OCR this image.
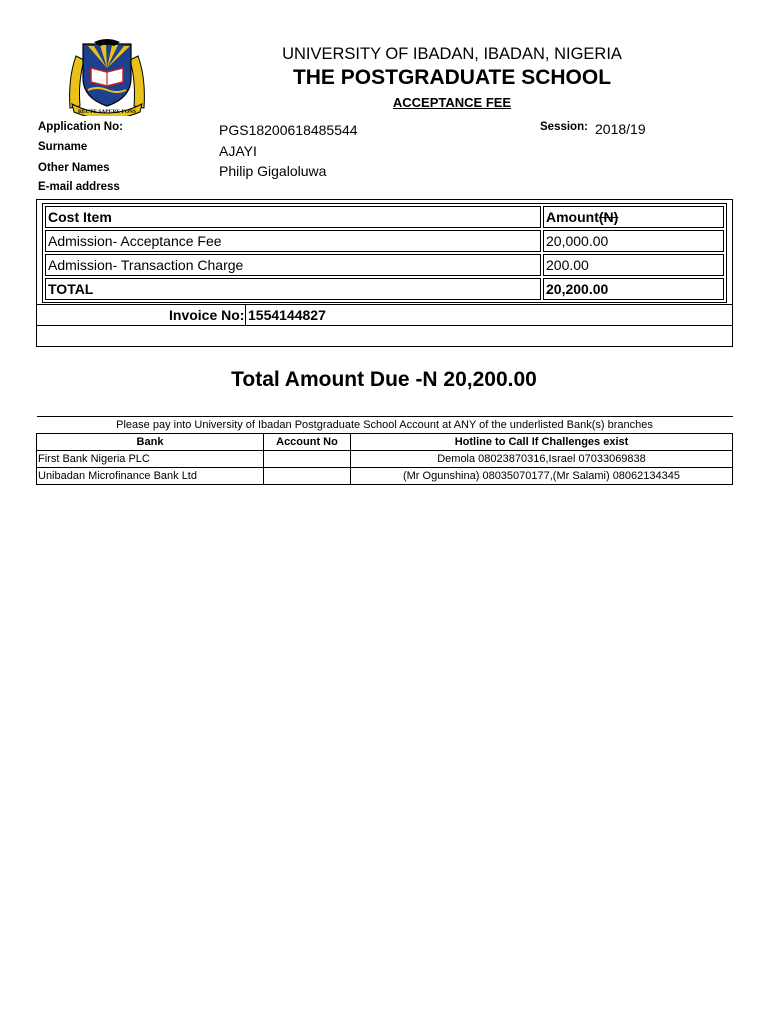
RECTE SAPERE FONS
UNIVERSITY OF IBADAN, IBADAN, NIGERIA
THE POSTGRADUATE SCHOOL
ACCEPTANCE FEE
Application No:	PGS18200618485544	Session: 2018/19
Surname	AJAYI
Other Names	Philip Gigaloluwa
E-mail address
Cost Item	Amount(N)
Admission- Acceptance Fee	20,000.00
Admission- Transaction Charge	200.00
TOTAL	20,200.00
Invoice No: 1554144827
Total Amount Due -N 20,200.00
Please pay into University of Ibadan Postgraduate School Account at ANY of the underlisted Bank(s) branches		
Bank	Account No	Hotline to Call If Challenges exist
First Bank Nigeria PLC		Demola 08023870316,Israel 07033069838
Unibadan Microfinance Bank Ltd		(Mr Ogunshina) 08035070177,(Mr Salami) 08062134345
